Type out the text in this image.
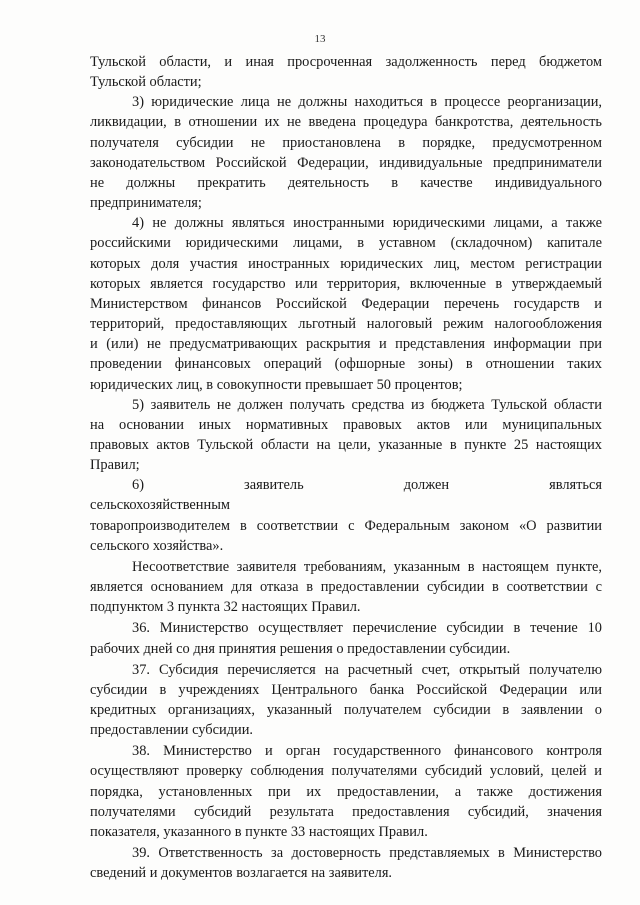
13

Тульской области, и иная просроченная задолженность перед бюджетом
Тульской области;

3) юридические лица не должны находиться в процессе реорганизации,
ликвидации, в отношении их не введена процедура банкротства, деятельность
получателя субсидии не приостановлена в порядке, предусмотренном
законодательством Российской Федерации, индивидуальные предприниматели
не должны прекратить деятельность в качестве индивидуального
предпринимателя;

4) не должны являться иностранными юридическими лицами, а также
российскими юридическими лицами, в уставном (складочном) капитале
которых доля участия иностранных юридических лиц, местом регистрации
которых является государство или территория, включенные в утверждаемый
Министерством финансов Российской Федерации перечень государств и
территорий, предоставляющих льготный налоговый режим налогообложения
и (или) не предусматривающих раскрытия и представления информации при
проведении финансовых операций (офшорные зоны) в отношении таких
юридических лиц, в совокупности превышает 50 процентов;

5) заявитель не должен получать средства из бюджета Тульской области
на основании иных нормативных правовых актов или муниципальных
правовых актов Тульской области на цели, указанные в пункте 25 настоящих
Правил;

6) заявитель должен являться сельскохозяйственным
товаропроизводителем в соответствии с Федеральным законом «О развитии
сельского хозяйства».

Несоответствие заявителя требованиям, указанным в настоящем пункте,
является основанием для отказа в предоставлении субсидии в соответствии с
подпунктом 3 пункта 32 настоящих Правил.

36. Министерство осуществляет перечисление субсидии в течение 10
рабочих дней со дня принятия решения о предоставлении субсидии.

37. Субсидия перечисляется на расчетный счет, открытый получателю
субсидии в учреждениях Центрального банка Российской Федерации или
кредитных организациях, указанный получателем субсидии в заявлении о
предоставлении субсидии.

38. Министерство и орган государственного финансового контроля
осуществляют проверку соблюдения получателями субсидий условий, целей и
порядка, установленных при их предоставлении, а также достижения
получателями субсидий результата предоставления субсидий, значения
показателя, указанного в пункте 33 настоящих Правил.

39. Ответственность за достоверность представляемых в Министерство
сведений и документов возлагается на заявителя.
